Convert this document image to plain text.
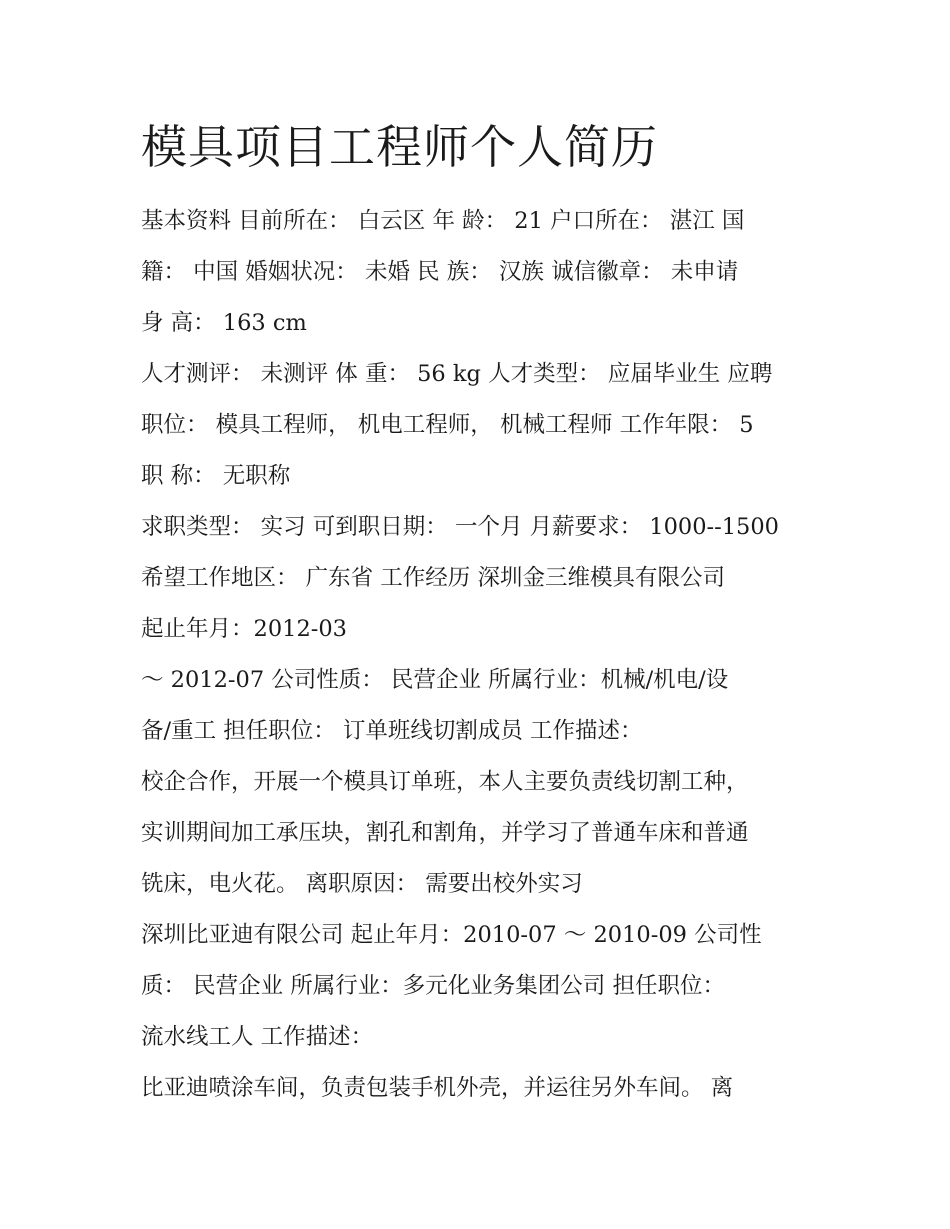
模具项目工程师个人简历
基本资料 目前所在： 白云区 年 龄： 21 户口所在： 湛江 国
籍： 中国 婚姻状况： 未婚 民 族： 汉族 诚信徽章： 未申请
身 高： 163 cm
人才测评： 未测评 体 重： 56 kg 人才类型： 应届毕业生 应聘
职位： 模具工程师， 机电工程师， 机械工程师 工作年限： 5
职 称： 无职称
求职类型： 实习 可到职日期： 一个月 月薪要求： 1000--1500
希望工作地区： 广东省 工作经历 深圳金三维模具有限公司
起止年月：2012-03
～ 2012-07 公司性质： 民营企业 所属行业：机械/机电/设
备/重工 担任职位： 订单班线切割成员 工作描述：
校企合作，开展一个模具订单班，本人主要负责线切割工种，
实训期间加工承压块，割孔和割角，并学习了普通车床和普通
铣床，电火花。 离职原因： 需要出校外实习
深圳比亚迪有限公司 起止年月：2010-07 ～ 2010-09 公司性
质： 民营企业 所属行业：多元化业务集团公司 担任职位：
流水线工人 工作描述：
比亚迪喷涂车间，负责包装手机外壳，并运往另外车间。 离
